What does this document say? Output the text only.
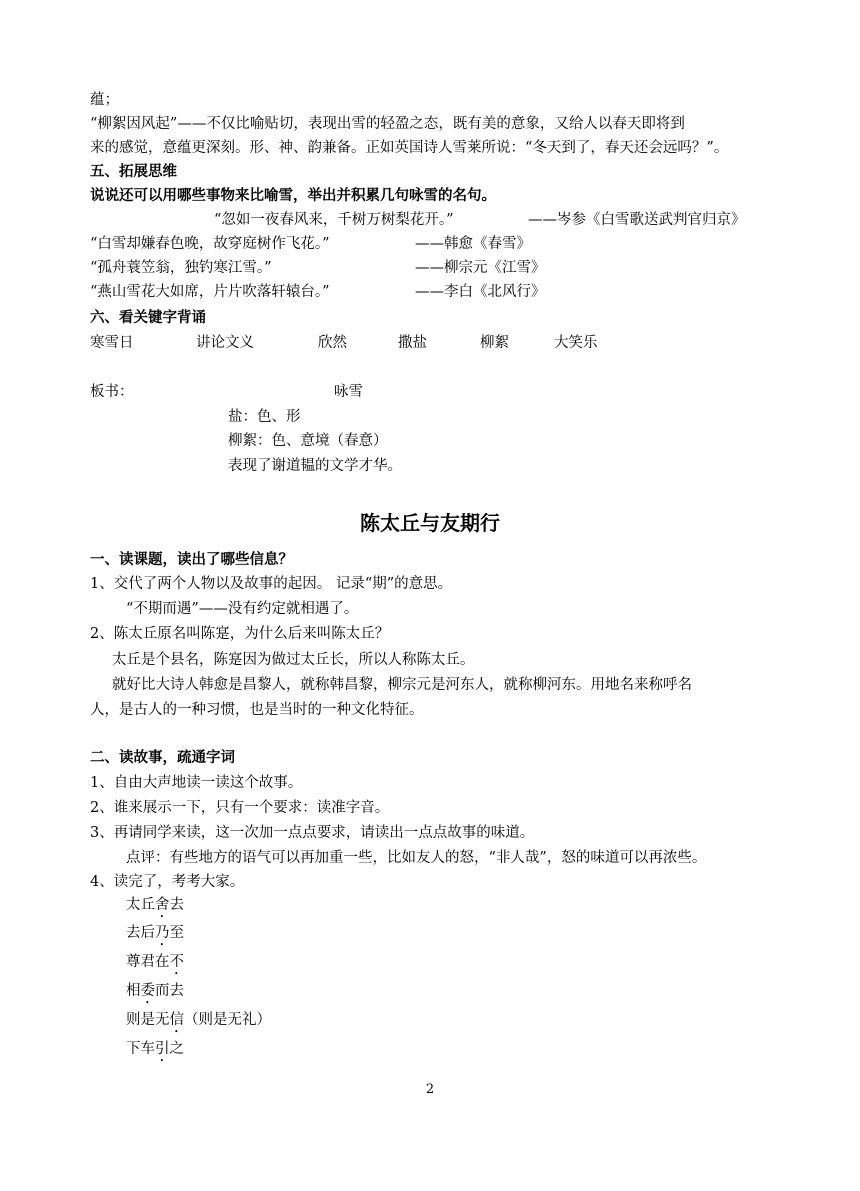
蕴；
“柳絮因风起”——不仅比喻贴切，表现出雪的轻盈之态，既有美的意象，又给人以春天即将到
来的感觉，意蕴更深刻。形、神、韵兼备。正如英国诗人雪莱所说：“冬天到了，春天还会远吗？”。
五、拓展思维
说说还可以用哪些事物来比喻雪，举出并积累几句咏雪的名句。
“忽如一夜春风来，千树万树梨花开。”	——岑参《白雪歌送武判官归京》
“白雪却嫌春色晚，故穿庭树作飞花。”	——韩愈《春雪》
“孤舟蓑笠翁，独钓寒江雪。”	——柳宗元《江雪》
“燕山雪花大如席，片片吹落轩辕台。”	——李白《北风行》
六、看关键字背诵
寒雪日	讲论文义	欣然	撒盐	柳絮	大笑乐
板书：	咏雪
盐：色、形
柳絮：色、意境（春意）
表现了谢道韫的文学才华。
陈太丘与友期行
一、读课题，读出了哪些信息？
1、交代了两个人物以及故事的起因。 记录“期”的意思。
“不期而遇”——没有约定就相遇了。
2、陈太丘原名叫陈寔，为什么后来叫陈太丘？
太丘是个县名，陈寔因为做过太丘长，所以人称陈太丘。
就好比大诗人韩愈是昌黎人，就称韩昌黎，柳宗元是河东人，就称柳河东。用地名来称呼名
人，是古人的一种习惯，也是当时的一种文化特征。
二、读故事，疏通字词
1、自由大声地读一读这个故事。
2、谁来展示一下，只有一个要求：读准字音。
3、再请同学来读，这一次加一点点要求，请读出一点点故事的味道。
点评：有些地方的语气可以再加重一些，比如友人的怒，“非人哉”，怒的味道可以再浓些。
4、读完了，考考大家。
太丘舍去
去后乃至
尊君在不
相委而去
则是无信（则是无礼）
下车引之
2
